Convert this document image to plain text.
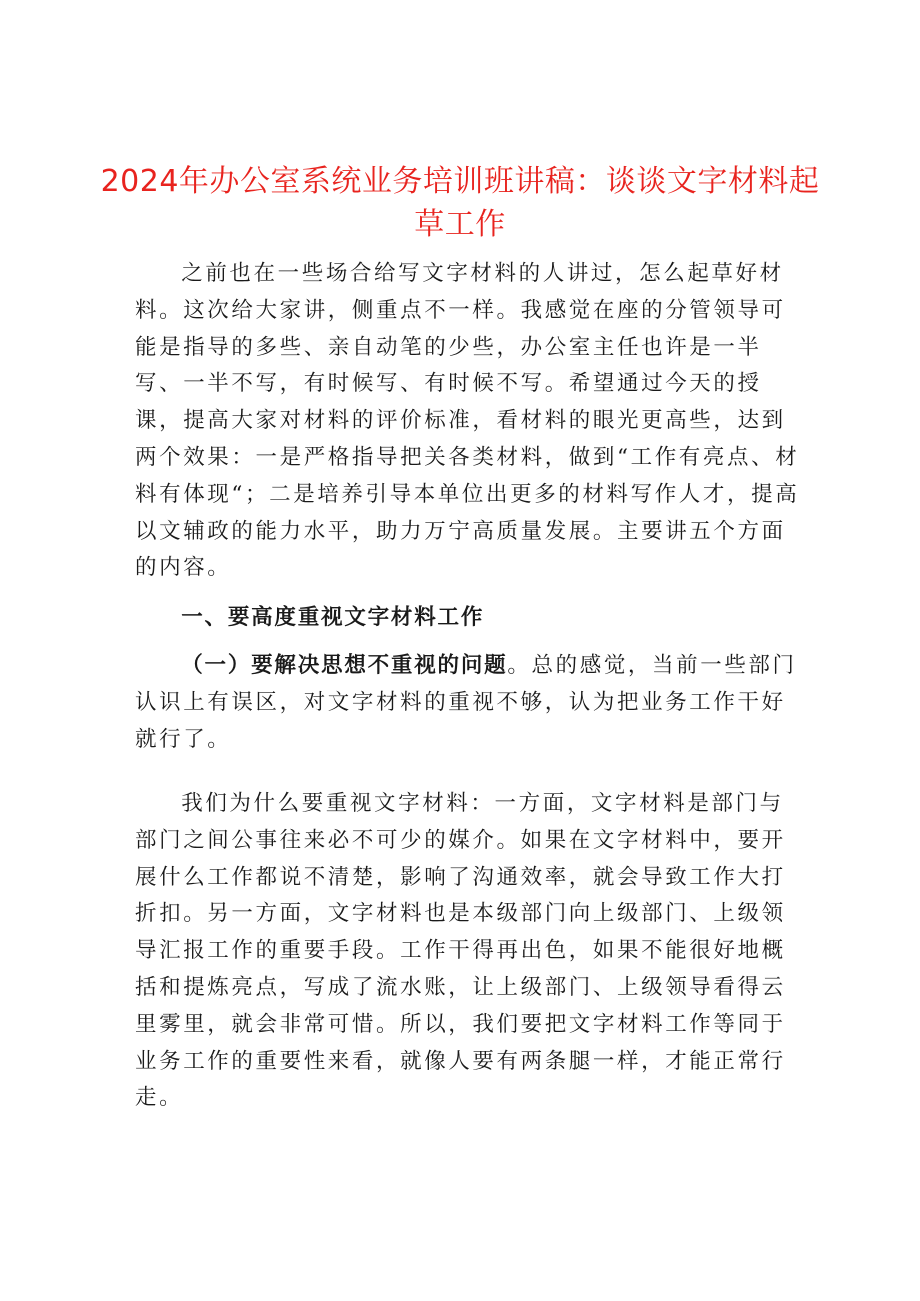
2024年办公室系统业务培训班讲稿：谈谈文字材料起草工作

之前也在一些场合给写文字材料的人讲过，怎么起草好材料。这次给大家讲，侧重点不一样。我感觉在座的分管领导可能是指导的多些、亲自动笔的少些，办公室主任也许是一半写、一半不写，有时候写、有时候不写。希望通过今天的授课，提高大家对材料的评价标准，看材料的眼光更高些，达到两个效果：一是严格指导把关各类材料，做到“工作有亮点、材料有体现“；二是培养引导本单位出更多的材料写作人才，提高以文辅政的能力水平，助力万宁高质量发展。主要讲五个方面的内容。

一、要高度重视文字材料工作

（一）要解决思想不重视的问题。总的感觉，当前一些部门认识上有误区，对文字材料的重视不够，认为把业务工作干好就行了。

我们为什么要重视文字材料：一方面，文字材料是部门与部门之间公事往来必不可少的媒介。如果在文字材料中，要开展什么工作都说不清楚，影响了沟通效率，就会导致工作大打折扣。另一方面，文字材料也是本级部门向上级部门、上级领导汇报工作的重要手段。工作干得再出色，如果不能很好地概括和提炼亮点，写成了流水账，让上级部门、上级领导看得云里雾里，就会非常可惜。所以，我们要把文字材料工作等同于业务工作的重要性来看，就像人要有两条腿一样，才能正常行走。
